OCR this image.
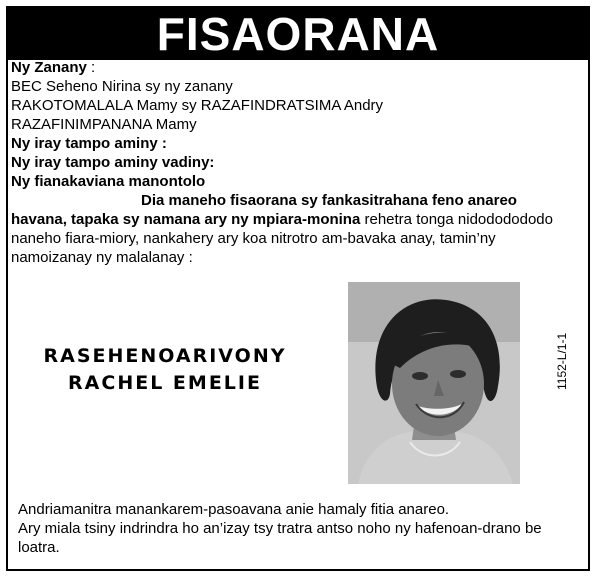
FISAORANA
Ny Zanany :
BEC Seheno Nirina sy ny zanany
RAKOTOMALALA Mamy sy RAZAFINDRATSIMA Andry
RAZAFINIMPANANA Mamy
Ny iray tampo aminy :
Ny iray tampo aminy vadiny:
Ny fianakaviana manontolo
Dia maneho fisaorana sy fankasitrahana feno anareo havana, tapaka sy namana ary ny mpiara-monina rehetra tonga nidododododo naneho fiara-miory, nankahery ary koa nitrotro am-bavaka anay, tamin’ny namoizanay ny malalanay :
RASEHENOARIVONY
RACHEL EMELIE	1152-L/1-1
Andriamanitra manankarem-pasoavana anie hamaly fitia anareo.
Ary miala tsiny indrindra ho an’izay tsy tratra antso noho ny hafenoan-drano be loatra.
